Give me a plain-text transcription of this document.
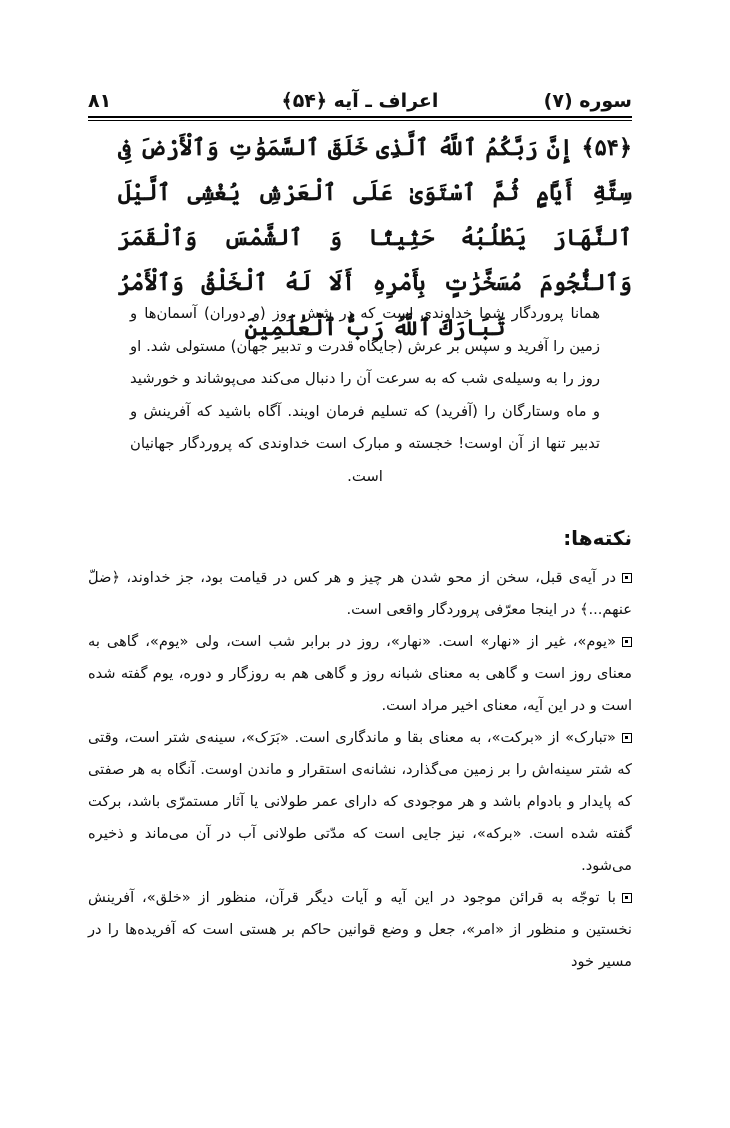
سوره (۷)
اعراف ـ آیه ﴿۵۴﴾
۸۱
﴿۵۴﴾ إِنَّ رَبَّكُمُ ٱللَّهُ ٱلَّذِى خَلَقَ ٱلسَّمَوَٰتِ وَٱلْأَرْضَ فِى سِتَّةِ أَيَّامٍ ثُمَّ ٱسْتَوَىٰ عَلَى ٱلْعَرْشِ يُغْشِى ٱلَّيْلَ ٱلنَّهَارَ يَطْلُبُهُ حَثِيثًا وَ ٱلشَّمْسَ وَٱلْقَمَرَ وَٱلنُّجُومَ مُسَخَّرَٰتٍ بِأَمْرِهِ أَلَا لَهُ ٱلْخَلْقُ وَٱلْأَمْرُ تَبَارَكَ ٱللَّهُ رَبُّ ٱلْعَٰلَمِينَ
همانا پروردگار شما خداوندی است که در شش روز (و دوران) آسمان‌ها و زمین را آفرید و سپس بر عرش (جایگاه قدرت و تدبیر جهان) مستولی شد. او روز را به وسیله‌ی شب که به سرعت آن را دنبال می‌کند می‌پوشاند و خورشید و ماه وستارگان را (آفرید) که تسلیم فرمان اویند. آگاه باشید که آفرینش و تدبیر تنها از آن اوست! خجسته و مبارک است خداوندی که پروردگار جهانیان است.
نکته‌ها:

در آیه‌ی قبل، سخن از محو شدن هر چیز و هر کس در قیامت بود، جز خداوند، ﴿ضلّ عنهم...﴾ در اینجا معرّفی پروردگار واقعی است.

«یوم»، غیر از «نهار» است. «نهار»، روز در برابر شب است، ولی «یوم»، گاهی به معنای روز است و گاهی به معنای شبانه روز و گاهی هم به روزگار و دوره، یوم گفته شده است و در این آیه، معنای اخیر مراد است.

«تبارک» از «برکت»، به معنای بقا و ماندگاری است. «بَرَک»، سینه‌ی شتر است، وقتی که شتر سینه‌اش را بر زمین می‌گذارد، نشانه‌ی استقرار و ماندن اوست. آنگاه به هر صفتی که پایدار و بادوام باشد و هر موجودی که دارای عمر طولانی یا آثار مستمرّی باشد، برکت گفته شده است. «برکه»، نیز جایی است که مدّتی طولانی آب در آن می‌ماند و ذخیره می‌شود.

با توجّه به قرائن موجود در این آیه و آیات دیگر قرآن، منظور از «خلق»، آفرینش نخستین و منظور از «امر»، جعل و وضع قوانین حاکم بر هستی است که آفریده‌ها را در مسیر خود
